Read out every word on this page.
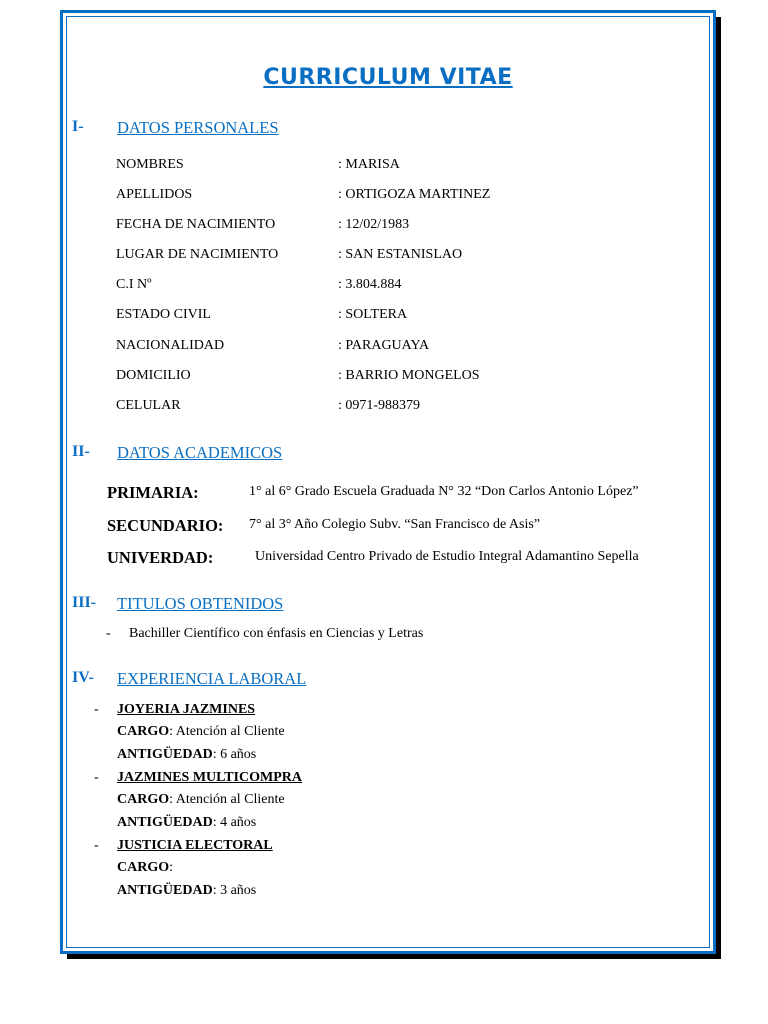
CURRICULUM VITAE
I- DATOS PERSONALES
NOMBRES	: MARISA
APELLIDOS	: ORTIGOZA MARTINEZ
FECHA DE NACIMIENTO	: 12/02/1983
LUGAR DE NACIMIENTO	: SAN ESTANISLAO
C.I Nº	: 3.804.884
ESTADO CIVIL	: SOLTERA
NACIONALIDAD	: PARAGUAYA
DOMICILIO	: BARRIO MONGELOS
CELULAR	: 0971-988379
II- DATOS ACADEMICOS
PRIMARIA:	1° al 6° Grado Escuela Graduada N° 32 “Don Carlos Antonio López”
SECUNDARIO: 7° al 3° Año Colegio Subv. “San Francisco de Asis”
UNIVERDAD:	Universidad Centro Privado de Estudio Integral Adamantino Sepella
III- TITULOS OBTENIDOS
- Bachiller Científico con énfasis en Ciencias y Letras
IV- EXPERIENCIA LABORAL
- JOYERIA JAZMINES
CARGO: Atención al Cliente
ANTIGÜEDAD: 6 años
- JAZMINES MULTICOMPRA
CARGO: Atención al Cliente
ANTIGÜEDAD: 4 años
- JUSTICIA ELECTORAL
CARGO:
ANTIGÜEDAD: 3 años
